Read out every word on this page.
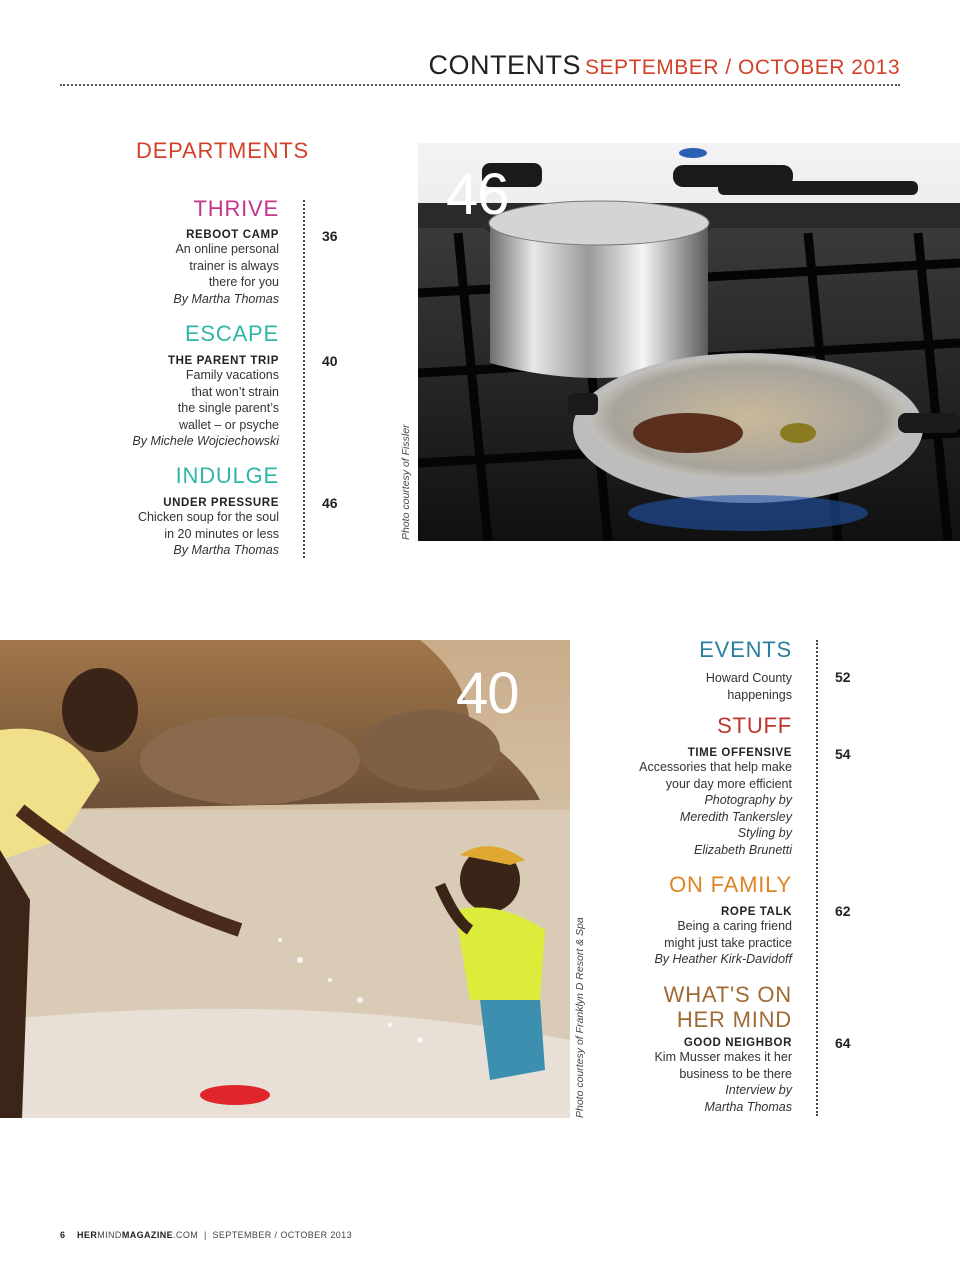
CONTENTS SEPTEMBER / OCTOBER 2013
DEPARTMENTS
THRIVE
REBOOT CAMP
An online personal
trainer is always
there for you
By Martha Thomas
36
ESCAPE
THE PARENT TRIP
Family vacations
that won’t strain
the single parent’s
wallet – or psyche
By Michele Wojciechowski
40
INDULGE
UNDER PRESSURE
Chicken soup for the soul
in 20 minutes or less
By Martha Thomas
46
46
Photo courtesy of Fissler
40
Photo courtesy of Franklyn D Resort & Spa
EVENTS
Howard County
happenings
52
STUFF
TIME OFFENSIVE
Accessories that help make
your day more efficient
Photography by
Meredith Tankersley
Styling by
Elizabeth Brunetti
54
ON FAMILY
ROPE TALK
Being a caring friend
might just take practice
By Heather Kirk-Davidoff
62
WHAT'S ON
HER MIND
GOOD NEIGHBOR
Kim Musser makes it her
business to be there
Interview by
Martha Thomas
64
6 HERMINDMAGAZINE.COM | SEPTEMBER / OCTOBER 2013
